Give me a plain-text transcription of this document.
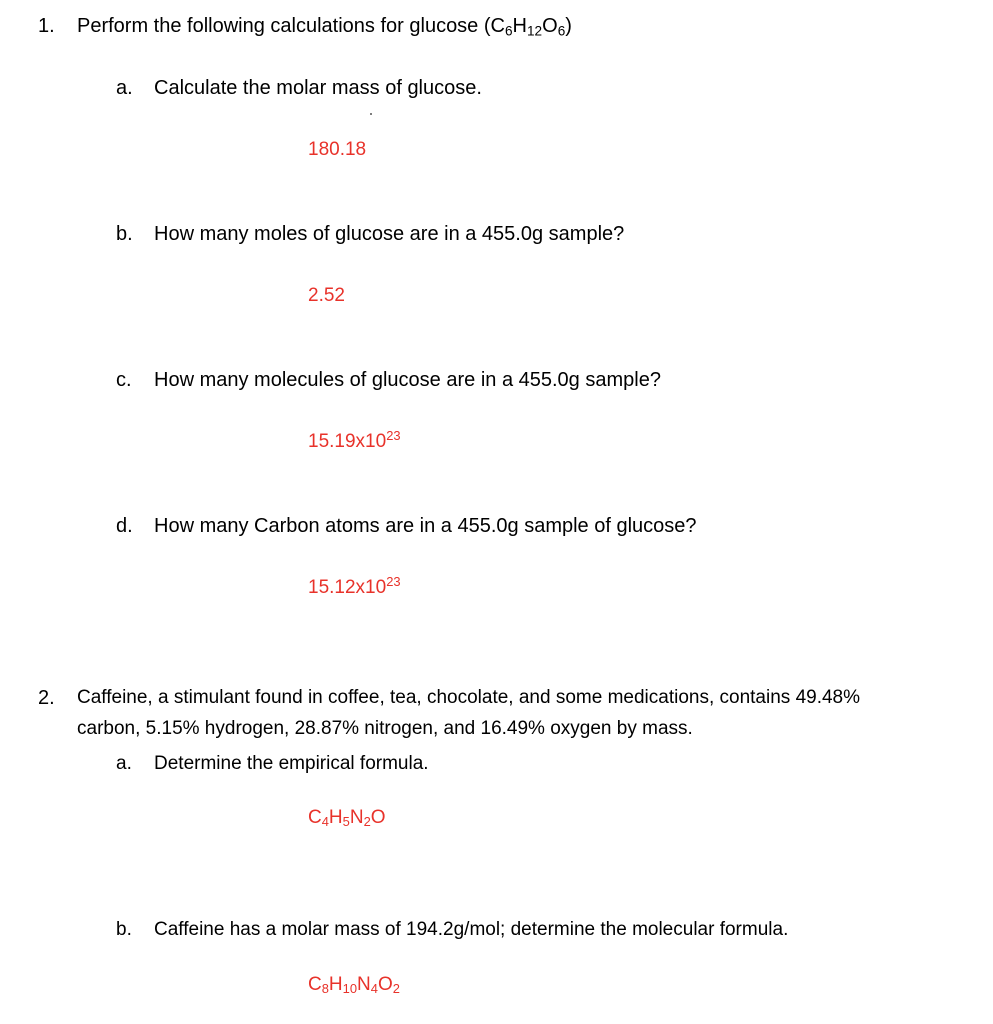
1. Perform the following calculations for glucose $(C_6H_{12}O_6)$
a. Calculate the molar mass of glucose.
180.18
b. How many moles of glucose are in a 455.0g sample?
2.52
c. How many molecules of glucose are in a 455.0g sample?
$15.19x10^{23}$
d. How many Carbon atoms are in a 455.0g sample of glucose?
$15.12x10^{23}$
2. Caffeine, a stimulant found in coffee, tea, chocolate, and some medications, contains 49.48%
carbon, 5.15% hydrogen, 28.87% nitrogen, and 16.49% oxygen by mass.
a. Determine the empirical formula.
$C_4H_5N_2O$
b. Caffeine has a molar mass of 194.2g/mol; determine the molecular formula.
$C_8H_{10}N_4O_2$
